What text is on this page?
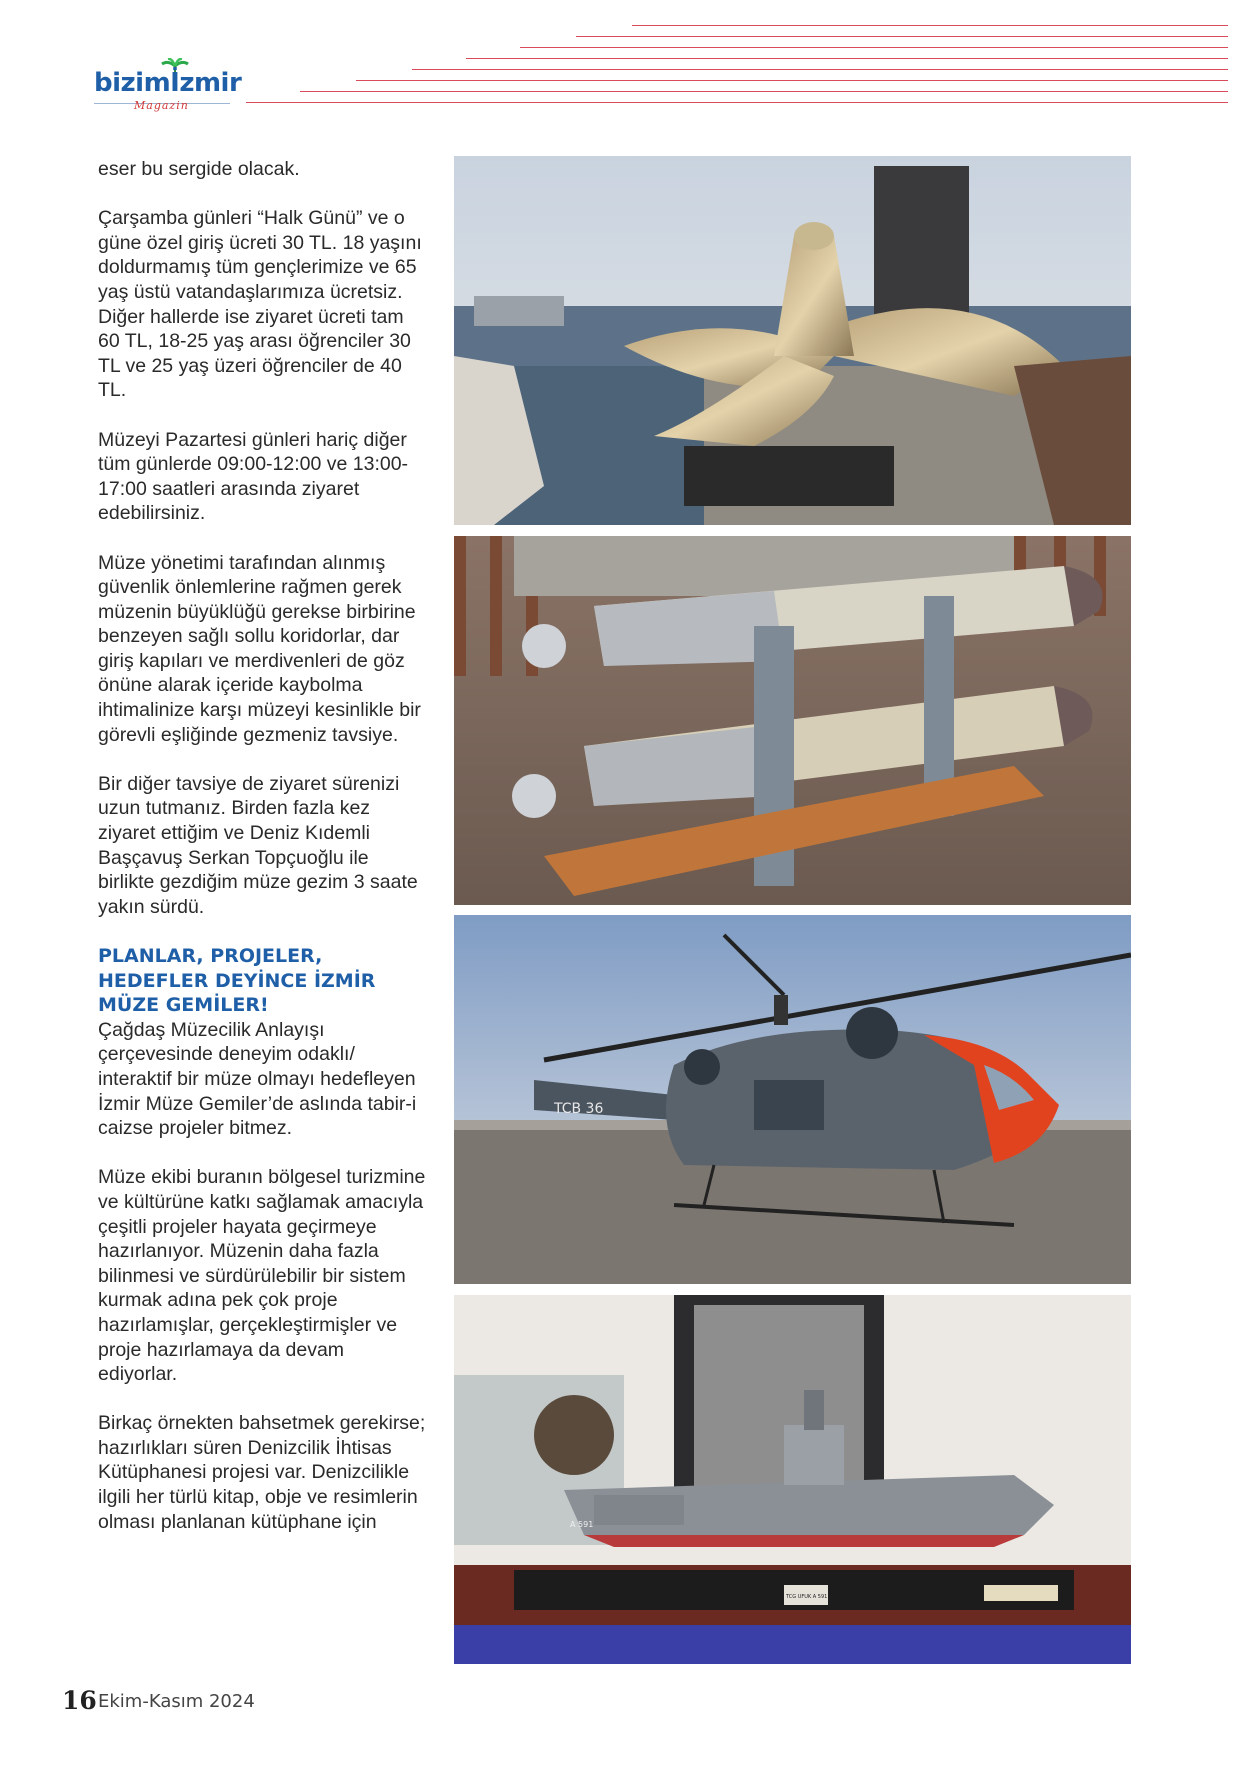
bizimİzmir
Magazin

eser bu sergide olacak.

Çarşamba günleri “Halk Günü” ve o güne özel giriş ücreti 30 TL. 18 yaşını doldurmamış tüm gençlerimize ve 65 yaş üstü vatandaşlarımıza ücretsiz. Diğer hallerde ise ziyaret ücreti tam 60 TL, 18-25 yaş arası öğrenciler 30 TL ve 25 yaş üzeri öğrenciler de 40 TL.

Müzeyi Pazartesi günleri hariç diğer tüm günlerde 09:00-12:00 ve 13:00-17:00 saatleri arasında ziyaret edebilirsiniz.

Müze yönetimi tarafından alınmış güvenlik önlemlerine rağmen gerek müzenin büyüklüğü gerekse birbirine benzeyen sağlı sollu koridorlar, dar giriş kapıları ve merdivenleri de göz önüne alarak içeride kaybolma ihtimalinize karşı müzeyi kesinlikle bir görevli eşliğinde gezmeniz tavsiye.

Bir diğer tavsiye de ziyaret sürenizi uzun tutmanız. Birden fazla kez ziyaret ettiğim ve Deniz Kıdemli Başçavuş Serkan Topçuoğlu ile birlikte gezdiğim müze gezim 3 saate yakın sürdü.

PLANLAR, PROJELER, HEDEFLER DEYİNCE İZMİR MÜZE GEMİLER!

Çağdaş Müzecilik Anlayışı çerçevesinde deneyim odaklı/ interaktif bir müze olmayı hedefleyen İzmir Müze Gemiler’de aslında tabir-i caizse projeler bitmez.

Müze ekibi buranın bölgesel turizmine ve kültürüne katkı sağlamak amacıyla çeşitli projeler hayata geçirmeye hazırlanıyor. Müzenin daha fazla bilinmesi ve sürdürülebilir bir sistem kurmak adına pek çok proje hazırlamışlar, gerçekleştirmişler ve proje hazırlamaya da devam ediyorlar.

Birkaç örnekten bahsetmek gerekirse; hazırlıkları süren Denizcilik İhtisas Kütüphanesi projesi var. Denizcilikle ilgili her türlü kitap, obje ve resimlerin olması planlanan kütüphane için

TCB 36
A 591
TCG UFUK A 591
16 Ekim-Kasım 2024
